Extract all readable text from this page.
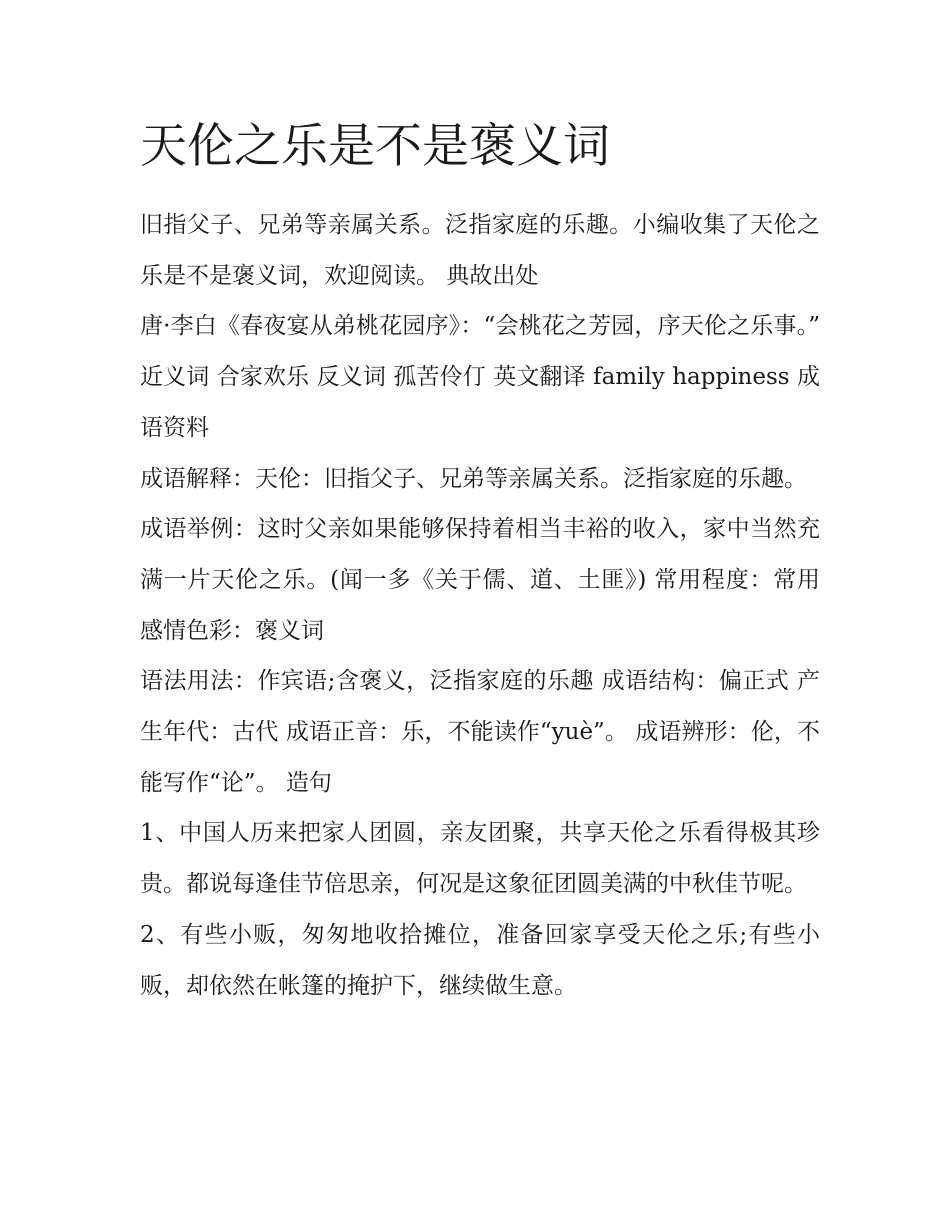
天伦之乐是不是褒义词

旧指父子、兄弟等亲属关系。泛指家庭的乐趣。小编收集了天伦之乐是不是褒义词，欢迎阅读。 典故出处

唐·李白《春夜宴从弟桃花园序》：“会桃花之芳园，序天伦之乐事。” 近义词 合家欢乐 反义词 孤苦伶仃 英文翻译 family happiness 成语资料

成语解释：天伦：旧指父子、兄弟等亲属关系。泛指家庭的乐趣。

成语举例：这时父亲如果能够保持着相当丰裕的收入，家中当然充满一片天伦之乐。(闻一多《关于儒、道、土匪》) 常用程度：常用 感情色彩：褒义词

语法用法：作宾语;含褒义，泛指家庭的乐趣 成语结构：偏正式 产生年代：古代 成语正音：乐，不能读作“yuè”。 成语辨形：伦，不能写作“论”。 造句

1、中国人历来把家人团圆，亲友团聚，共享天伦之乐看得极其珍贵。都说每逢佳节倍思亲，何况是这象征团圆美满的中秋佳节呢。

2、有些小贩，匆匆地收拾摊位，准备回家享受天伦之乐;有些小贩，却依然在帐篷的掩护下，继续做生意。
